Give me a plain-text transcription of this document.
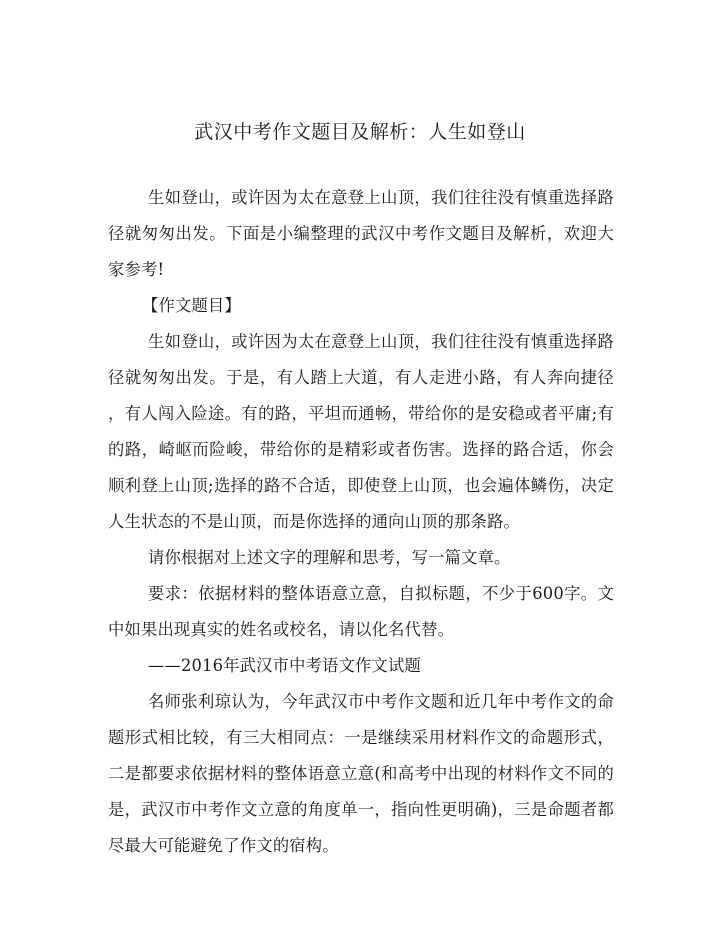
武汉中考作文题目及解析：人生如登山
生如登山，或许因为太在意登上山顶，我们往往没有慎重选择路
径就匆匆出发。下面是小编整理的武汉中考作文题目及解析，欢迎大
家参考!
【作文题目】
生如登山，或许因为太在意登上山顶，我们往往没有慎重选择路
径就匆匆出发。于是，有人踏上大道，有人走进小路，有人奔向捷径
，有人闯入险途。有的路，平坦而通畅，带给你的是安稳或者平庸;有
的路，崎岖而险峻，带给你的是精彩或者伤害。选择的路合适，你会
顺利登上山顶;选择的路不合适，即使登上山顶，也会遍体鳞伤，决定
人生状态的不是山顶，而是你选择的通向山顶的那条路。
请你根据对上述文字的理解和思考，写一篇文章。
要求：依据材料的整体语意立意，自拟标题，不少于600字。文
中如果出现真实的姓名或校名，请以化名代替。
——2016年武汉市中考语文作文试题
名师张利琼认为，今年武汉市中考作文题和近几年中考作文的命
题形式相比较，有三大相同点：一是继续采用材料作文的命题形式，
二是都要求依据材料的整体语意立意(和高考中出现的材料作文不同的
是，武汉市中考作文立意的角度单一，指向性更明确)，三是命题者都
尽最大可能避免了作文的宿构。
